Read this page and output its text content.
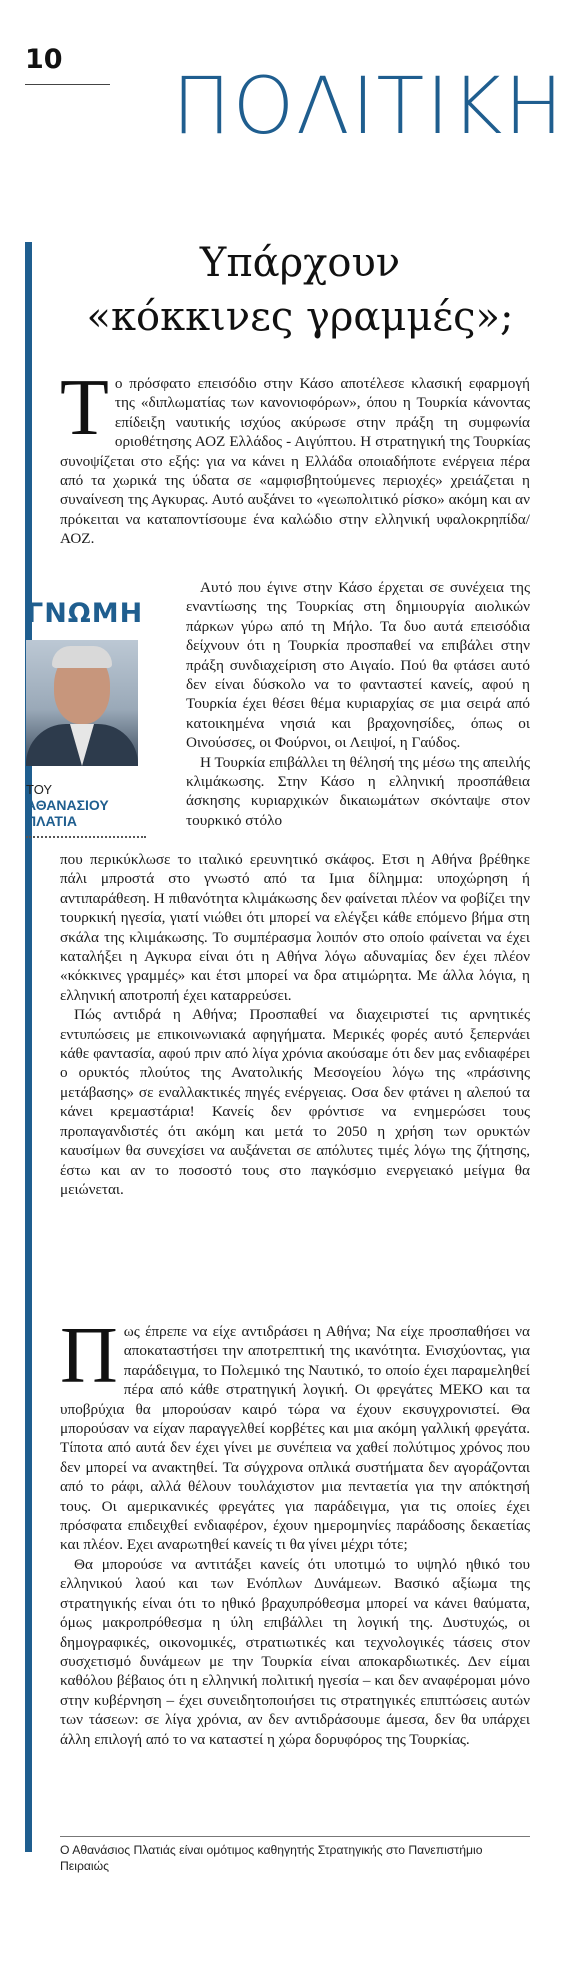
10
ΠΟΛΙΤΙΚΗ
Υπάρχουν
«κόκκινες γραμμές»;

Το πρόσφατο επεισόδιο στην Κάσο αποτέλεσε κλασική εφαρμογή της «διπλωματίας των κανονιοφόρων», όπου η Τουρκία κάνοντας επίδειξη ναυτικής ισχύος ακύρωσε στην πράξη τη συμφωνία οριοθέτησης ΑΟΖ Ελλάδος - Αιγύπτου. Η στρατηγική της Τουρκίας συνοψίζεται στο εξής: για να κάνει η Ελλάδα οποιαδήποτε ενέργεια πέρα από τα χωρικά της ύδατα σε «αμφισβητούμενες περιοχές» χρειάζεται η συναίνεση της Αγκυρας. Αυτό αυξάνει το «γεωπολιτικό ρίσκο» ακόμη και αν πρόκειται να καταποντίσουμε ένα καλώδιο στην ελληνική υφαλοκρηπίδα/ ΑΟΖ.

ΓΝΩΜΗ
ΤΟΥ
ΑΘΑΝΑΣΙΟΥ ΠΛΑΤΙΑ

Αυτό που έγινε στην Κάσο έρχεται σε συνέχεια της εναντίωσης της Τουρκίας στη δημιουργία αιολικών πάρκων γύρω από τη Μήλο. Τα δυο αυτά επεισόδια δείχνουν ότι η Τουρκία προσπαθεί να επιβάλει στην πράξη συνδιαχείριση στο Αιγαίο. Πού θα φτάσει αυτό δεν είναι δύσκολο να το φανταστεί κανείς, αφού η Τουρκία έχει θέσει θέμα κυριαρχίας σε μια σειρά από κατοικημένα νησιά και βραχονησίδες, όπως οι Οινούσσες, οι Φούρνοι, οι Λειψοί, η Γαύδος.

Η Τουρκία επιβάλλει τη θέλησή της μέσω της απειλής κλιμάκωσης. Στην Κάσο η ελληνική προσπάθεια άσκησης κυριαρχικών δικαιωμάτων σκόνταψε στον τουρκικό στόλο

που περικύκλωσε το ιταλικό ερευνητικό σκάφος. Ετσι η Αθήνα βρέθηκε πάλι μπροστά στο γνωστό από τα Ιμια δίλημμα: υποχώρηση ή αντιπαράθεση. Η πιθανότητα κλιμάκωσης δεν φαίνεται πλέον να φοβίζει την τουρκική ηγεσία, γιατί νιώθει ότι μπορεί να ελέγξει κάθε επόμενο βήμα στη σκάλα της κλιμάκωσης. Το συμπέρασμα λοιπόν στο οποίο φαίνεται να έχει καταλήξει η Αγκυρα είναι ότι η Αθήνα λόγω αδυναμίας δεν έχει πλέον «κόκκινες γραμμές» και έτσι μπορεί να δρα ατιμώρητα. Με άλλα λόγια, η ελληνική αποτροπή έχει καταρρεύσει.

Πώς αντιδρά η Αθήνα; Προσπαθεί να διαχειριστεί τις αρνητικές εντυπώσεις με επικοινωνιακά αφηγήματα. Μερικές φορές αυτό ξεπερνάει κάθε φαντασία, αφού πριν από λίγα χρόνια ακούσαμε ότι δεν μας ενδιαφέρει ο ορυκτός πλούτος της Ανατολικής Μεσογείου λόγω της «πράσινης μετάβασης» σε εναλλακτικές πηγές ενέργειας. Οσα δεν φτάνει η αλεπού τα κάνει κρεμαστάρια! Κανείς δεν φρόντισε να ενημερώσει τους προπαγανδιστές ότι ακόμη και μετά το 2050 η χρήση των ορυκτών καυσίμων θα συνεχίσει να αυξάνεται σε απόλυτες τιμές λόγω της ζήτησης, έστω και αν το ποσοστό τους στο παγκόσμιο ενεργειακό μείγμα θα μειώνεται.

Πως έπρεπε να είχε αντιδράσει η Αθήνα; Να είχε προσπαθήσει να αποκαταστήσει την αποτρεπτική της ικανότητα. Ενισχύοντας, για παράδειγμα, το Πολεμικό της Ναυτικό, το οποίο έχει παραμεληθεί πέρα από κάθε στρατηγική λογική. Οι φρεγάτες ΜΕΚΟ και τα υποβρύχια θα μπορούσαν καιρό τώρα να έχουν εκσυγχρονιστεί. Θα μπορούσαν να είχαν παραγγελθεί κορβέτες και μια ακόμη γαλλική φρεγάτα. Τίποτα από αυτά δεν έχει γίνει με συνέπεια να χαθεί πολύτιμος χρόνος που δεν μπορεί να ανακτηθεί. Τα σύγχρονα οπλικά συστήματα δεν αγοράζονται από το ράφι, αλλά θέλουν τουλάχιστον μια πενταετία για την απόκτησή τους. Οι αμερικανικές φρεγάτες για παράδειγμα, για τις οποίες έχει πρόσφατα επιδειχθεί ενδιαφέρον, έχουν ημερομηνίες παράδοσης δεκαετίας και πλέον. Εχει αναρωτηθεί κανείς τι θα γίνει μέχρι τότε;

Θα μπορούσε να αντιτάξει κανείς ότι υποτιμώ το υψηλό ηθικό του ελληνικού λαού και των Ενόπλων Δυνάμεων. Βασικό αξίωμα της στρατηγικής είναι ότι το ηθικό βραχυπρόθεσμα μπορεί να κάνει θαύματα, όμως μακροπρόθεσμα η ύλη επιβάλλει τη λογική της. Δυστυχώς, οι δημογραφικές, οικονομικές, στρατιωτικές και τεχνολογικές τάσεις στον συσχετισμό δυνάμεων με την Τουρκία είναι αποκαρδιωτικές. Δεν είμαι καθόλου βέβαιος ότι η ελληνική πολιτική ηγεσία – και δεν αναφέρομαι μόνο στην κυβέρνηση – έχει συνειδητοποιήσει τις στρατηγικές επιπτώσεις αυτών των τάσεων: σε λίγα χρόνια, αν δεν αντιδράσουμε άμεσα, δεν θα υπάρχει άλλη επιλογή από το να καταστεί η χώρα δορυφόρος της Τουρκίας.

Ο Αθανάσιος Πλατιάς είναι ομότιμος καθηγητής Στρατηγικής στο Πανεπιστήμιο Πειραιώς
